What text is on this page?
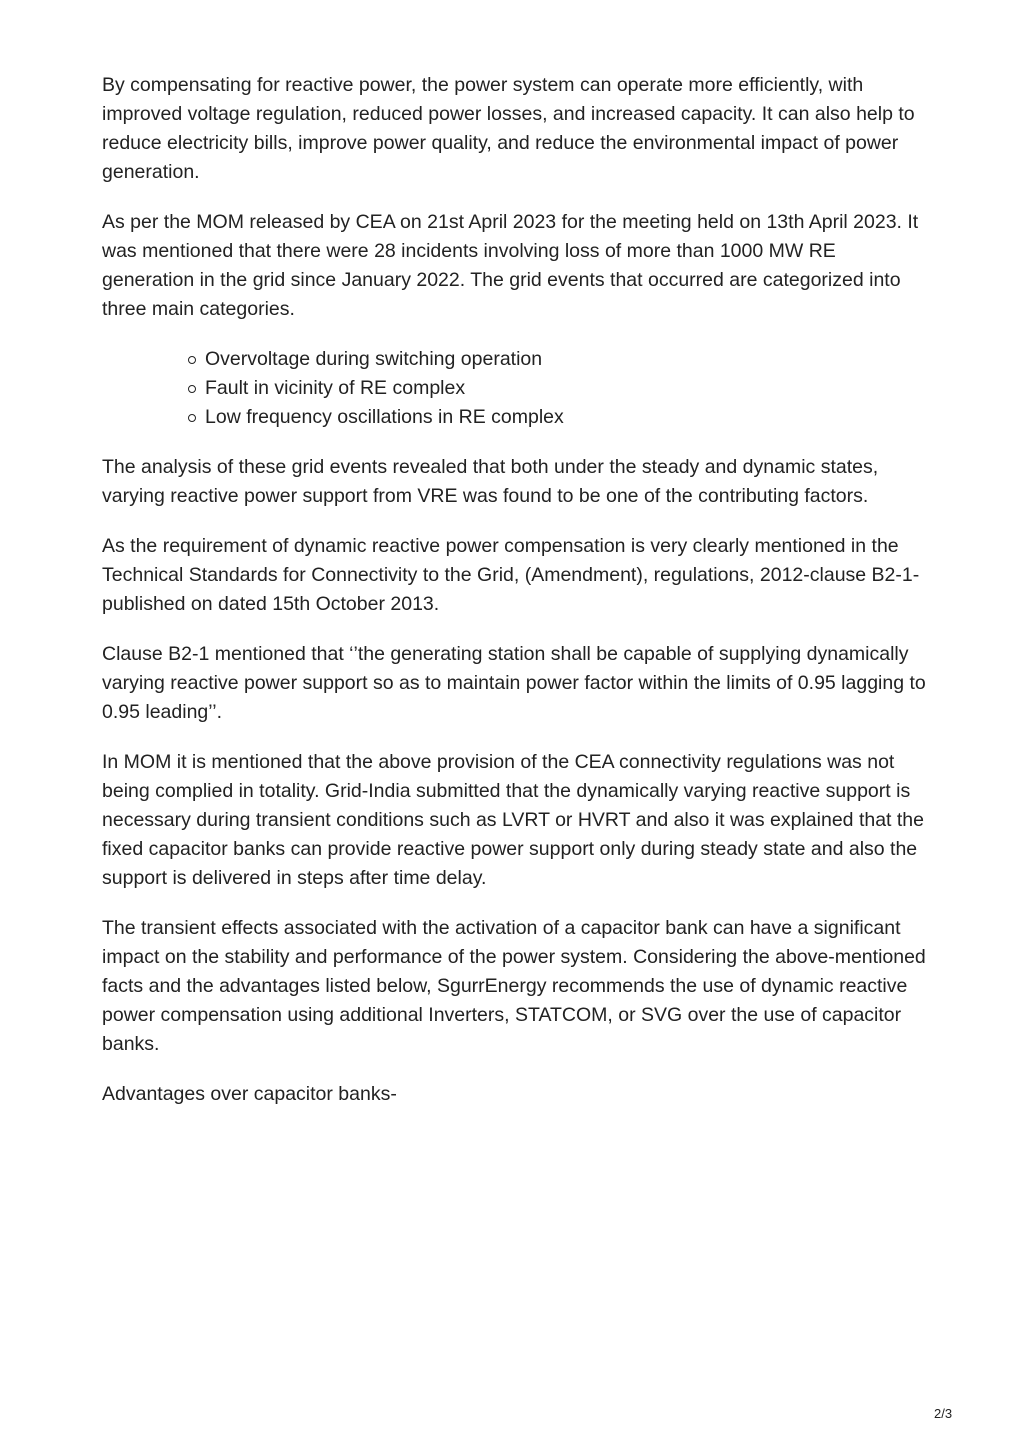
By compensating for reactive power, the power system can operate more efficiently, with improved voltage regulation, reduced power losses, and increased capacity. It can also help to reduce electricity bills, improve power quality, and reduce the environmental impact of power generation.

As per the MOM released by CEA on 21st April 2023 for the meeting held on 13th April 2023. It was mentioned that there were 28 incidents involving loss of more than 1000 MW RE generation in the grid since January 2022. The grid events that occurred are categorized into three main categories.

Overvoltage during switching operation
Fault in vicinity of RE complex
Low frequency oscillations in RE complex

The analysis of these grid events revealed that both under the steady and dynamic states, varying reactive power support from VRE was found to be one of the contributing factors.

As the requirement of dynamic reactive power compensation is very clearly mentioned in the Technical Standards for Connectivity to the Grid, (Amendment), regulations, 2012-clause B2-1-published on dated 15th October 2013.

Clause B2-1 mentioned that ‘’the generating station shall be capable of supplying dynamically varying reactive power support so as to maintain power factor within the limits of 0.95 lagging to 0.95 leading’’.

In MOM it is mentioned that the above provision of the CEA connectivity regulations was not being complied in totality. Grid-India submitted that the dynamically varying reactive support is necessary during transient conditions such as LVRT or HVRT and also it was explained that the fixed capacitor banks can provide reactive power support only during steady state and also the support is delivered in steps after time delay.

The transient effects associated with the activation of a capacitor bank can have a significant impact on the stability and performance of the power system. Considering the above-mentioned facts and the advantages listed below, SgurrEnergy recommends the use of dynamic reactive power compensation using additional Inverters, STATCOM, or SVG over the use of capacitor banks.

Advantages over capacitor banks-

2/3
